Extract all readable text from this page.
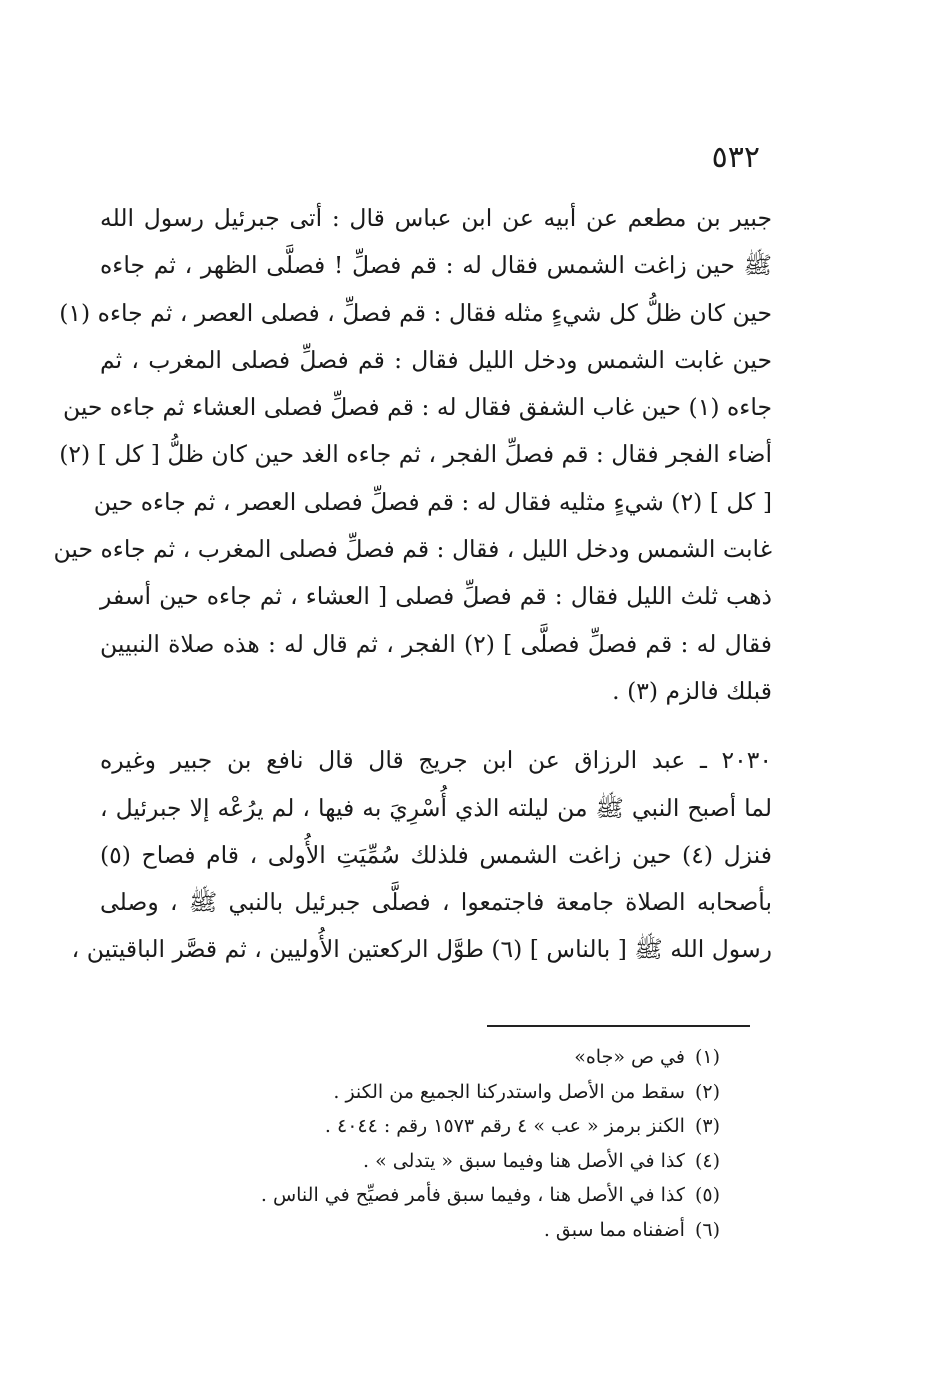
٥٣٢
جبير بن مطعم عن أبيه عن ابن عباس قال : أتى جبرئيل رسول الله
ﷺ حين زاغت الشمس فقال له : قم فصلِّ ! فصلَّى الظهر ، ثم جاءه
حين كان ظلُّ كل شيءٍ مثله فقال : قم فصلِّ ، فصلى العصر ، ثم جاءه (١)
حين غابت الشمس ودخل الليل فقال : قم فصلِّ فصلى المغرب ، ثم
جاءه (١) حين غاب الشفق فقال له : قم فصلِّ فصلى العشاء ثم جاءه حين
أضاء الفجر فقال : قم فصلِّ الفجر ، ثم جاءه الغد حين كان ظلُّ [ كل ] (٢)
[ كل ] (٢) شيءٍ مثليه فقال له : قم فصلِّ فصلى العصر ، ثم جاءه حين
غابت الشمس ودخل الليل ، فقال : قم فصلِّ فصلى المغرب ، ثم جاءه حين
ذهب ثلث الليل فقال : قم فصلِّ فصلى [ العشاء ، ثم جاءه حين أسفر
فقال له : قم فصلِّ فصلَّى ] (٢) الفجر ، ثم قال له : هذه صلاة النبيين
قبلك فالزم (٣) .
٢٠٣٠ ـ عبد الرزاق عن ابن جريج قال قال نافع بن جبير وغيره
لما أصبح النبي ﷺ من ليلته الذي أُسْرِيَ به فيها ، لم يرُعْه إلا جبرئيل ،
فنزل (٤) حين زاغت الشمس فلذلك سُمِّيَتِ الأُولى ، قام فصاح (٥)
بأصحابه الصلاة جامعة فاجتمعوا ، فصلَّى جبرئيل بالنبي ﷺ ، وصلى
رسول الله ﷺ [ بالناس ] (٦) طوَّل الركعتين الأُوليين ، ثم قصَّر الباقيتين ،
(١)في ص «جاه»
(٢)سقط من الأصل واستدركنا الجميع من الكنز .
(٣)الكنز برمز « عب » ٤ رقم ١٥٧٣ رقم : ٤٠٤٤ .
(٤)كذا في الأصل هنا وفيما سبق « يتدلى » .
(٥)كذا في الأصل هنا ، وفيما سبق فأمر فصيِّح في الناس .
(٦)أضفناه مما سبق .
